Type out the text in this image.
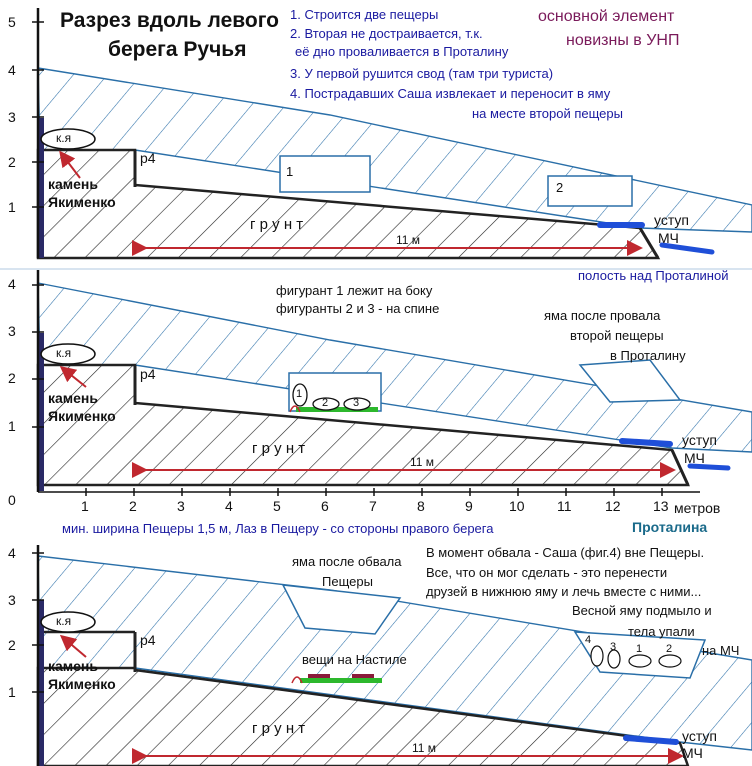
Разрез вдоль левого
берега Ручья
основной элемент
новизны в УНП
1. Строится две пещеры
2. Вторая не достраивается, т.к.
её дно проваливается в Проталину
3. У первой рушится свод (там три туриста)
4. Пострадавших Саша извлекает и переносит в яму
на месте второй пещеры
5
4
3
2
1
к.я
камень
Якименко
р4
г р у н т
11 м
1
2
уступ
МЧ
полость над Проталиной
4
3
2
1
0
фигурант 1 лежит на боку
фигуранты 2 и 3 - на спине	яма после провала
второй пещеры
в Проталину
к.я
камень
Якименко
р4
1
2 3
г р у н т
11 м
уступ
МЧ
1	2	3	4	5	6	7	8	9	10 11 12 13 метров
мин. ширина Пещеры 1,5 м, Лаз в Пещеру - со стороны правого берега	Проталина
4
3
2
1
яма после обвала
Пещеры
В момент обвала - Саша (фиг.4) вне Пещеры.
Все, что он мог сделать - это перенести
друзей в нижнюю яму и лечь вместе с ними...
Весной яму подмыло и
тела упали
на МЧ
к.я
камень
Якименко
р4
вещи на Настиле
4
3 1 2
г р у н т
11 м
уступ
МЧ
